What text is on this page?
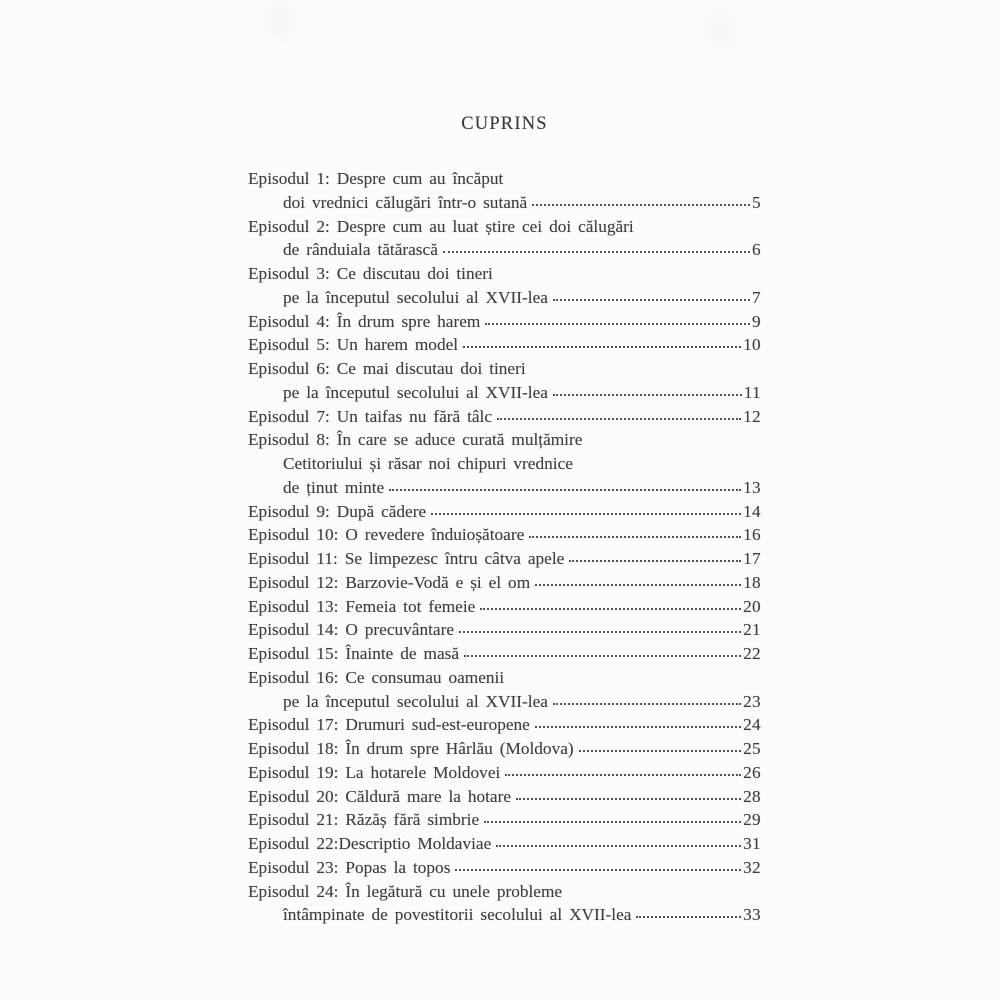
CUPRINS
Episodul 1: Despre cum au încăput
doi vrednici călugări într-o sutană	5
Episodul 2: Despre cum au luat știre cei doi călugări
de rânduiala tătărască	6
Episodul 3: Ce discutau doi tineri
pe la începutul secolului al XVII-lea	7
Episodul 4: În drum spre harem	9
Episodul 5: Un harem model	10
Episodul 6: Ce mai discutau doi tineri
pe la începutul secolului al XVII-lea	11
Episodul 7: Un taifas nu fără tâlc	12
Episodul 8: În care se aduce curată mulțămire
Cetitoriului și răsar noi chipuri vrednice
de ținut minte	13
Episodul 9: După cădere	14
Episodul 10: O revedere înduioșătoare	16
Episodul 11: Se limpezesc întru câtva apele	17
Episodul 12: Barzovie-Vodă e și el om	18
Episodul 13: Femeia tot femeie	20
Episodul 14: O precuvântare	21
Episodul 15: Înainte de masă	22
Episodul 16: Ce consumau oamenii
pe la începutul secolului al XVII-lea	23
Episodul 17: Drumuri sud-est-europene	24
Episodul 18: În drum spre Hârlău (Moldova)	25
Episodul 19: La hotarele Moldovei	26
Episodul 20: Căldură mare la hotare	28
Episodul 21: Răzăș fără simbrie	29
Episodul 22: Descriptio Moldaviae	31
Episodul 23: Popas la topos	32
Episodul 24: În legătură cu unele probleme
întâmpinate de povestitorii secolului al XVII-lea	33
